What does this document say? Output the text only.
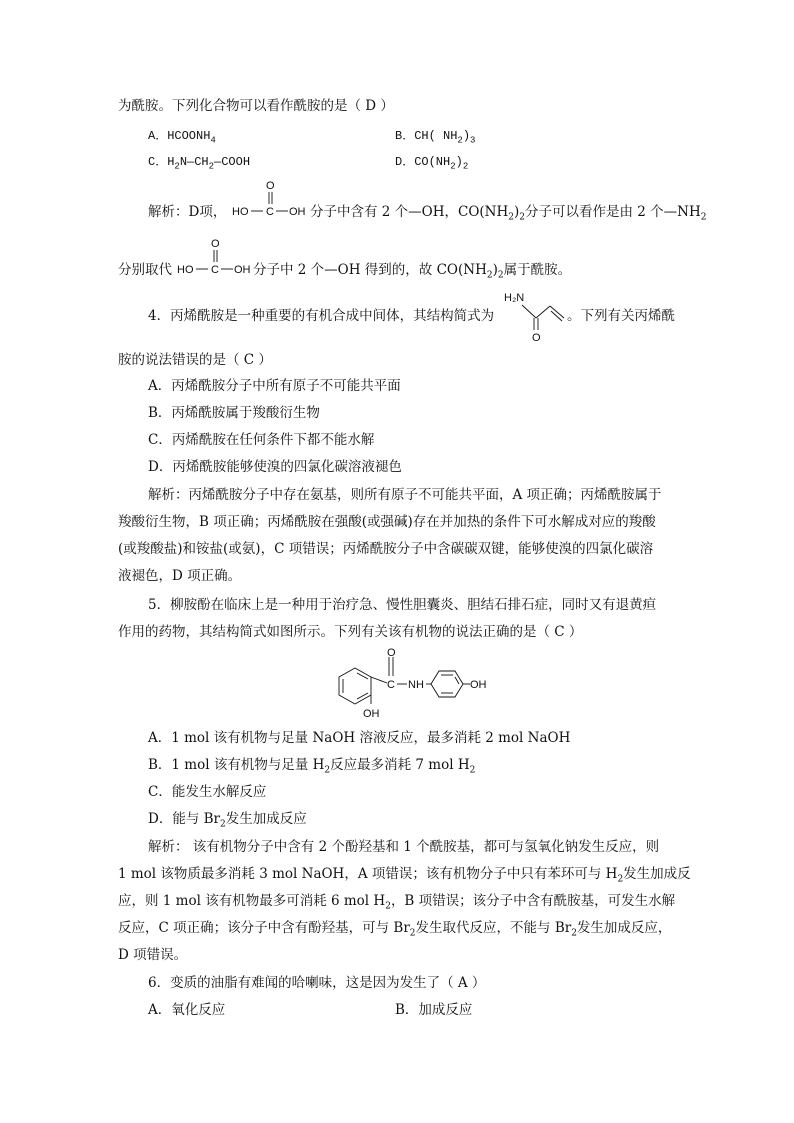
为酰胺。下列化合物可以看作酰胺的是（ D ）
A．$HCOONH_4$	B．CH( $NH_2)_3$
C．$H_2N—CH_2—COOH$	D．$CO(NH_2)_2$
解析：D项，
O
HO C OH 分子中含有 2 个—OH，$CO(NH_2)_2$分子可以看作是由 2 个$—NH_2$
分别取代
O
HO C OH 分子中 2 个—OH 得到的，故 $CO(NH_2)_2$属于酰胺。
4．丙烯酰胺是一种重要的有机合成中间体，其结构简式为
H₂N
O
。下列有关丙烯酰
胺的说法错误的是（ C ）
A．丙烯酰胺分子中所有原子不可能共平面
B．丙烯酰胺属于羧酸衍生物
C．丙烯酰胺在任何条件下都不能水解
D．丙烯酰胺能够使溴的四氯化碳溶液褪色
解析：丙烯酰胺分子中存在氨基，则所有原子不可能共平面，A 项正确；丙烯酰胺属于
羧酸衍生物，B 项正确；丙烯酰胺在强酸(或强碱)存在并加热的条件下可水解成对应的羧酸
(或羧酸盐)和铵盐(或氨)，C 项错误；丙烯酰胺分子中含碳碳双键，能够使溴的四氯化碳溶
液褪色，D 项正确。
5．柳胺酚在临床上是一种用于治疗急、慢性胆囊炎、胆结石排石症，同时又有退黄疸
作用的药物，其结构简式如图所示。下列有关该有机物的说法正确的是（ C ）
OH
C
O
NH	OH
A．1 mol 该有机物与足量 NaOH 溶液反应，最多消耗 2 mol NaOH
B．1 mol 该有机物与足量 $H_2$反应最多消耗 7 mol $H_2$
C．能发生水解反应
D．能与 $Br_2$发生加成反应
解析： 该有机物分子中含有 2 个酚羟基和 1 个酰胺基，都可与氢氧化钠发生反应，则
1 mol 该物质最多消耗 3 mol NaOH，A 项错误；该有机物分子中只有苯环可与 $H_2$发生加成反
应，则 1 mol 该有机物最多可消耗 6 mol $H_2$，B 项错误；该分子中含有酰胺基，可发生水解
反应，C 项正确；该分子中含有酚羟基，可与 $Br_2$发生取代反应，不能与 $Br_2$发生加成反应，
D 项错误。
6．变质的油脂有难闻的哈喇味，这是因为发生了（ A ）
A．氧化反应	B．加成反应
